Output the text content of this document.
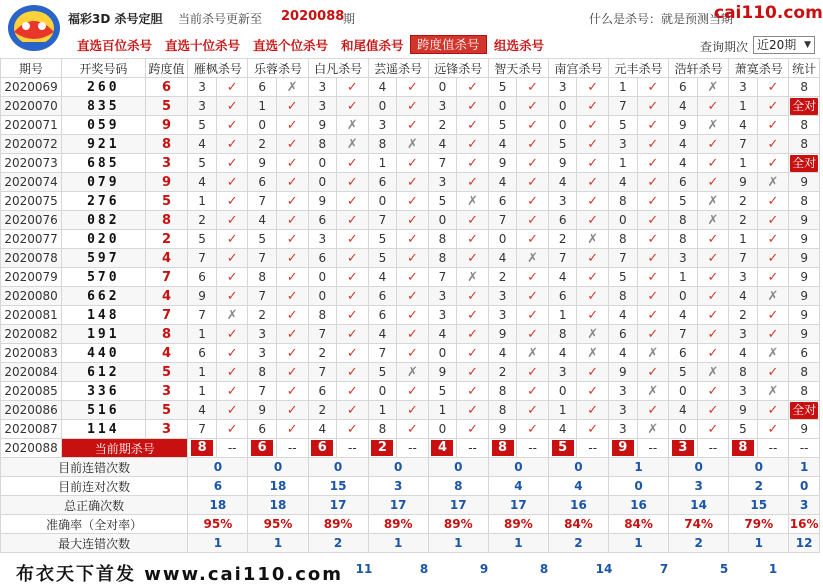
福彩3D 杀号定胆 当前杀号更新至 2020088
期	什么是杀号：就是预测当期
cai110.com
直选百位杀号 直选十位杀号 直选个位杀号 和尾值杀号	跨度值杀号	组选杀号	查询期次 近20期 ▼
期号	开奖号码	跨度值	雁枫杀号		乐蓉杀号		白凡杀号		芸遥杀号		远锋杀号		智天杀号		南宫杀号		元丰杀号		浩轩杀号		萧寞杀号		统计
2020069	260	6	3	✓	6	✗	3	✓	4	✓	0	✓	5	✓	3	✓	1	✓	6	✗	3	✓	8
2020070	835	5	3	✓	1	✓	3	✓	0	✓	3	✓	0	✓	0	✓	7	✓	4	✓	1	✓	全对
2020071	059	9	5	✓	0	✓	9	✗	3	✓	2	✓	5	✓	0	✓	5	✓	9	✗	4	✓	8
2020072	921	8	4	✓	2	✓	8	✗	8	✗	4	✓	4	✓	5	✓	3	✓	4	✓	7	✓	8
2020073	685	3	5	✓	9	✓	0	✓	1	✓	7	✓	9	✓	9	✓	1	✓	4	✓	1	✓	全对
2020074	079	9	4	✓	6	✓	0	✓	6	✓	3	✓	4	✓	4	✓	4	✓	6	✓	9	✗	9
2020075	276	5	1	✓	7	✓	9	✓	0	✓	5	✗	6	✓	3	✓	8	✓	5	✗	2	✓	8
2020076	082	8	2	✓	4	✓	6	✓	7	✓	0	✓	7	✓	6	✓	0	✓	8	✗	2	✓	9
2020077	020	2	5	✓	5	✓	3	✓	5	✓	8	✓	0	✓	2	✗	8	✓	8	✓	1	✓	9
2020078	597	4	7	✓	7	✓	6	✓	5	✓	8	✓	4	✗	7	✓	7	✓	3	✓	7	✓	9
2020079	570	7	6	✓	8	✓	0	✓	4	✓	7	✗	2	✓	4	✓	5	✓	1	✓	3	✓	9
2020080	662	4	9	✓	7	✓	0	✓	6	✓	3	✓	3	✓	6	✓	8	✓	0	✓	4	✗	9
2020081	148	7	7	✗	2	✓	8	✓	6	✓	3	✓	3	✓	1	✓	4	✓	4	✓	2	✓	9
2020082	191	8	1	✓	3	✓	7	✓	4	✓	4	✓	9	✓	8	✗	6	✓	7	✓	3	✓	9
2020083	440	4	6	✓	3	✓	2	✓	7	✓	0	✓	4	✗	4	✗	4	✗	6	✓	4	✗	6
2020084	612	5	1	✓	8	✓	7	✓	5	✗	9	✓	2	✓	3	✓	9	✓	5	✗	8	✓	8
2020085	336	3	1	✓	7	✓	6	✓	0	✓	5	✓	8	✓	0	✓	3	✗	0	✓	3	✗	8
2020086	516	5	4	✓	9	✓	2	✓	1	✓	1	✓	8	✓	1	✓	3	✓	4	✓	9	✓	全对
2020087	114	3	7	✓	6	✓	4	✓	8	✓	0	✓	9	✓	4	✓	3	✗	0	✓	5	✓	9
2020088	当前期杀号		8	--	6	--	6	--	2	--	4	--	8	--	5	--	9	--	3	--	8	--	--
目前连错次数			0		0		0		0		0		0		0		1		0		0		1
目前连对次数			6		18		15		3		8		4		4		0		3		2		0
总正确次数			18		18		17		17		17		17		16		16		14		15		3
准确率（全对率）			95%		95%		89%		89%		89%		89%		84%		84%		74%		79%		16%
最大连错次数			1		1		2		1		1		1		2		1		2		1		12
11	8	9	8	14	7	5	1
布衣天下首发 www.cai110.com
